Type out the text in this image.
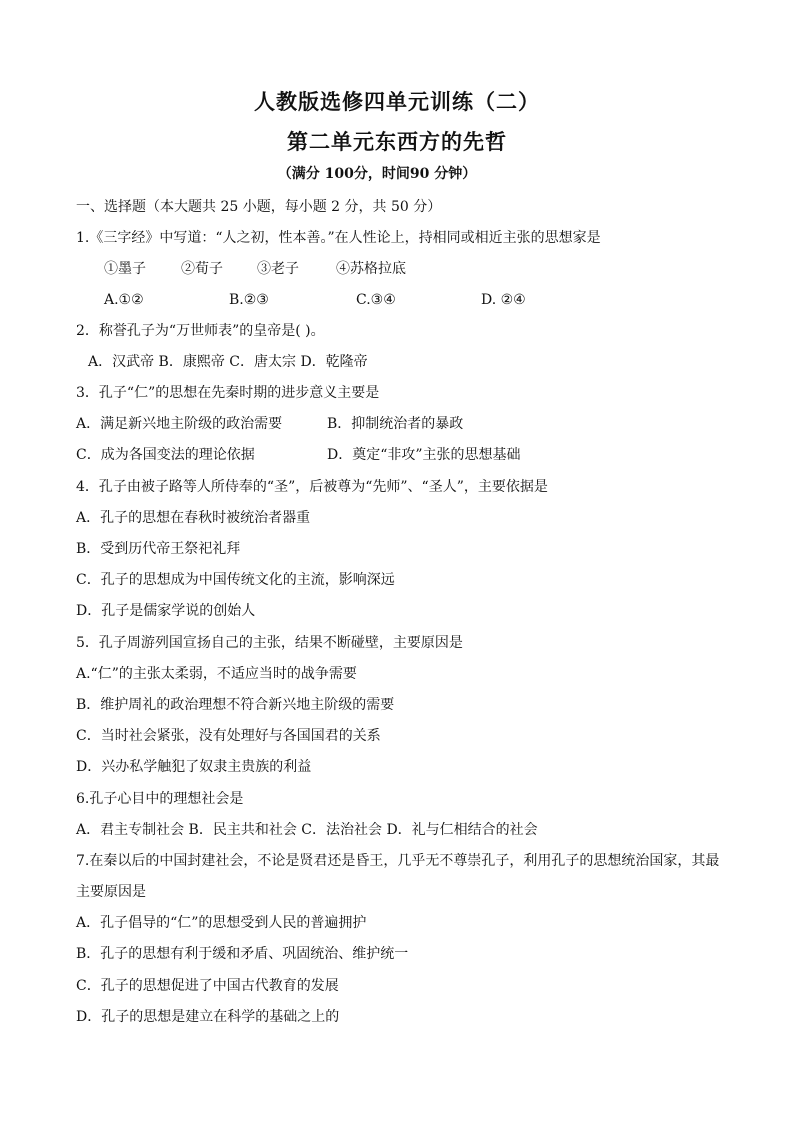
人教版选修四单元训练（二）
第二单元东西方的先哲
（满分 100分，时间90 分钟）
一、选择题（本大题共 25 小题，每小题 2 分，共 50 分）
1.《三字经》中写道：“人之初，性本善。”在人性论上，持相同或相近主张的思想家是
①墨子	②荀子 ③老子	④苏格拉底
A.①②	B.②③	C.③④	D. ②④
2．称誉孔子为“万世师表”的皇帝是( )。
A．汉武帝 B．康熙帝 C．唐太宗 D．乾隆帝
3．孔子“仁”的思想在先秦时期的进步意义主要是
A．满足新兴地主阶级的政治需要	B．抑制统治者的暴政
C．成为各国变法的理论依据	D．奠定“非攻”主张的思想基础
4．孔子由被子路等人所侍奉的“圣”，后被尊为“先师”、“圣人”，主要依据是
A．孔子的思想在春秋时被统治者器重
B．受到历代帝王祭祀礼拜
C．孔子的思想成为中国传统文化的主流，影响深远
D．孔子是儒家学说的创始人
5．孔子周游列国宣扬自己的主张，结果不断碰壁，主要原因是
A.“仁”的主张太柔弱，不适应当时的战争需要
B．维护周礼的政治理想不符合新兴地主阶级的需要
C．当时社会紧张，没有处理好与各国国君的关系
D．兴办私学触犯了奴隶主贵族的利益
6.孔子心目中的理想社会是
A．君主专制社会 B．民主共和社会 C．法治社会 D．礼与仁相结合的社会
7.在秦以后的中国封建社会，不论是贤君还是昏王，几乎无不尊崇孔子，利用孔子的思想统治国家，其最
主要原因是
A．孔子倡导的“仁”的思想受到人民的普遍拥护
B．孔子的思想有利于缓和矛盾、巩固统治、维护统一
C．孔子的思想促进了中国古代教育的发展
D．孔子的思想是建立在科学的基础之上的
